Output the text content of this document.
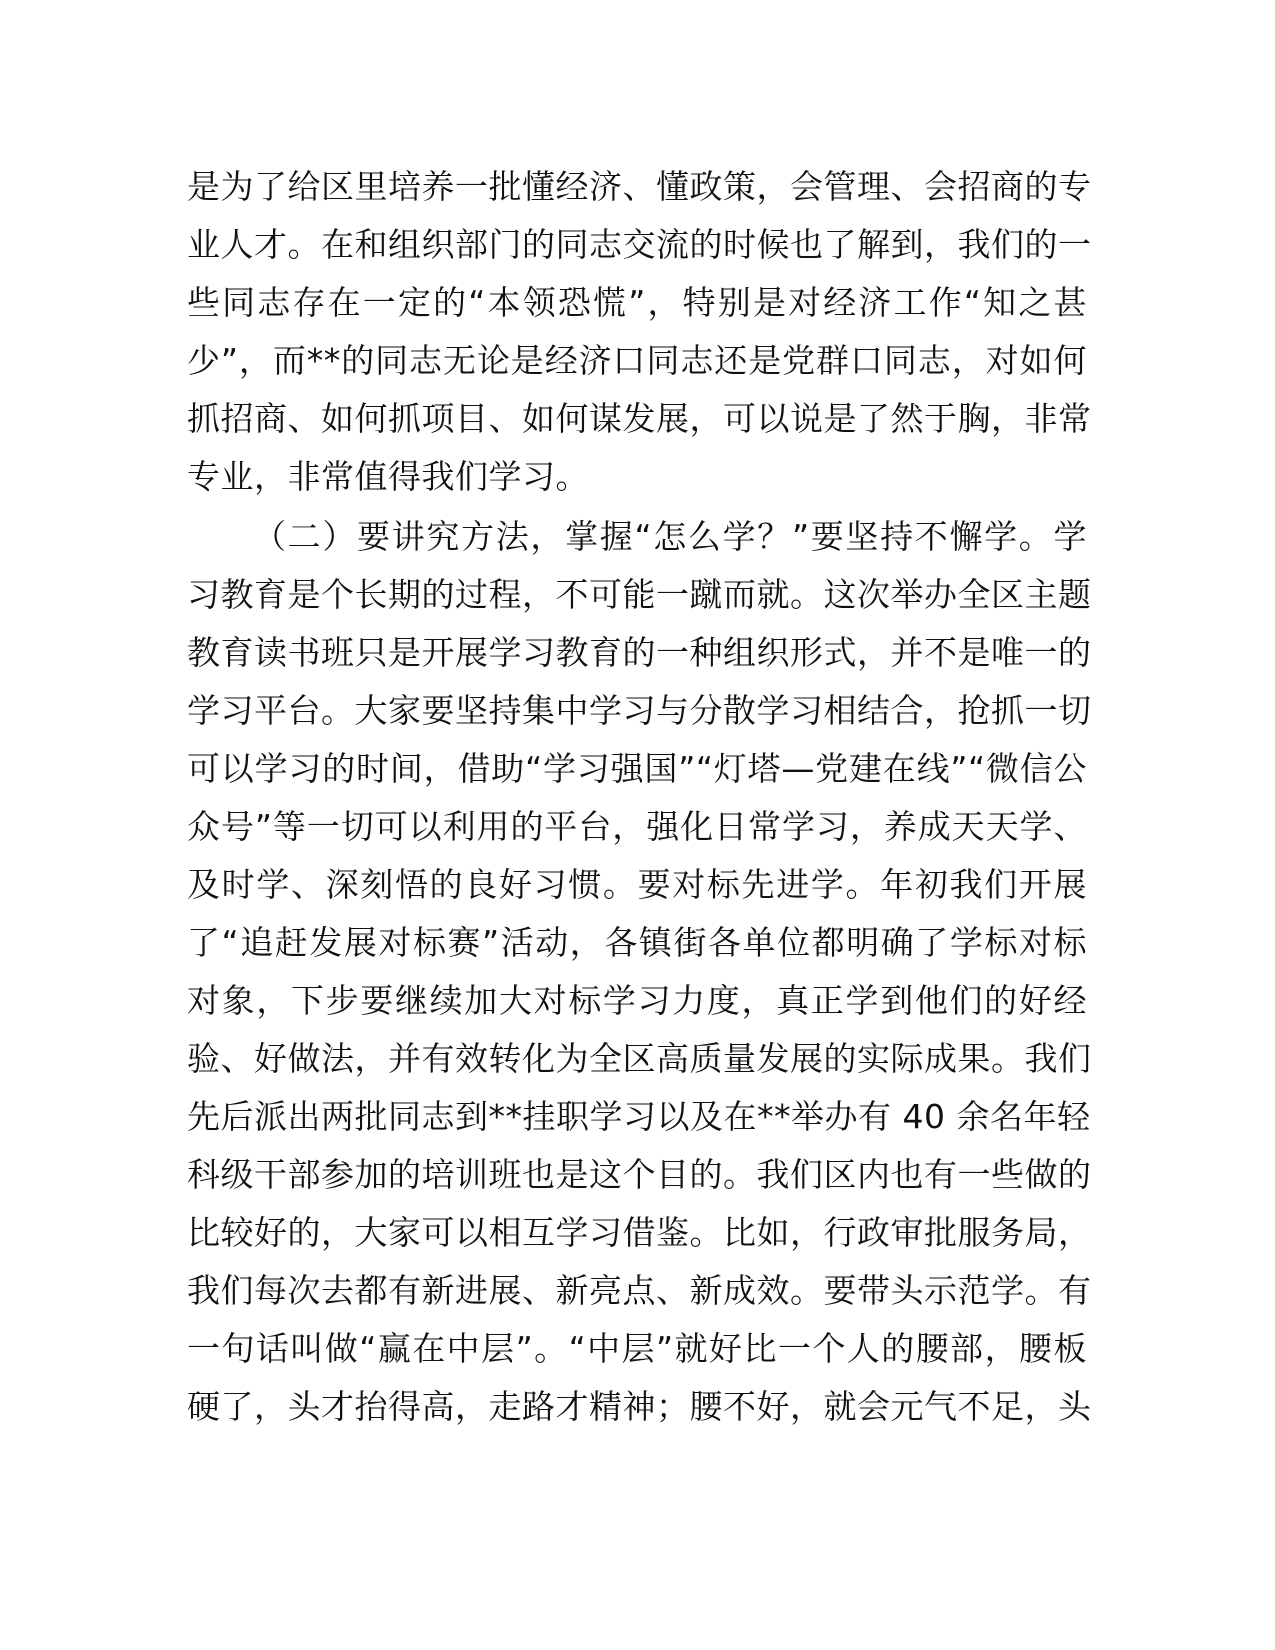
是为了给区里培养一批懂经济、懂政策，会管理、会招商的专
业人才。在和组织部门的同志交流的时候也了解到，我们的一
些同志存在一定的“本领恐慌”，特别是对经济工作“知之甚
少”，而**的同志无论是经济口同志还是党群口同志，对如何
抓招商、如何抓项目、如何谋发展，可以说是了然于胸，非常
专业，非常值得我们学习。
（二）要讲究方法，掌握“怎么学？”要坚持不懈学。学
习教育是个长期的过程，不可能一蹴而就。这次举办全区主题
教育读书班只是开展学习教育的一种组织形式，并不是唯一的
学习平台。大家要坚持集中学习与分散学习相结合，抢抓一切
可以学习的时间，借助“学习强国”“灯塔—党建在线”“微信公
众号”等一切可以利用的平台，强化日常学习，养成天天学、
及时学、深刻悟的良好习惯。要对标先进学。年初我们开展
了“追赶发展对标赛”活动，各镇街各单位都明确了学标对标
对象，下步要继续加大对标学习力度，真正学到他们的好经
验、好做法，并有效转化为全区高质量发展的实际成果。我们
先后派出两批同志到**挂职学习以及在**举办有 40 余名年轻
科级干部参加的培训班也是这个目的。我们区内也有一些做的
比较好的，大家可以相互学习借鉴。比如，行政审批服务局，
我们每次去都有新进展、新亮点、新成效。要带头示范学。有
一句话叫做“赢在中层”。“中层”就好比一个人的腰部，腰板
硬了，头才抬得高，走路才精神；腰不好，就会元气不足，头
